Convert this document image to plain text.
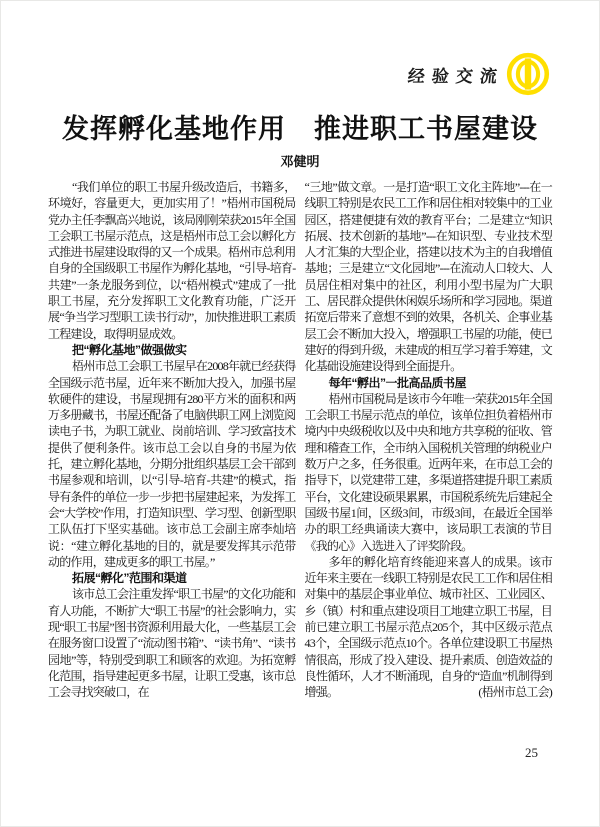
经验交流
发挥孵化基地作用　推进职工书屋建设
邓健明

“我们单位的职工书屋升级改造后，书籍多，环境好，容量更大，更加实用了！”梧州市国税局党办主任李飘高兴地说，该局刚刚荣获2015年全国工会职工书屋示范点，这是梧州市总工会以孵化方式推进书屋建设取得的又一个成果。梧州市总利用自身的全国级职工书屋作为孵化基地，“引导-培育-共建”一条龙服务到位，以“梧州模式”建成了一批职工书屋，充分发挥职工文化教育功能，广泛开展“争当学习型职工读书行动”，加快推进职工素质工程建设，取得明显成效。

把“孵化基地”做强做实

梧州市总工会职工书屋早在2008年就已经获得全国级示范书屋，近年来不断加大投入，加强书屋软硬件的建设，书屋现拥有280平方米的面积和两万多册藏书，书屋还配备了电脑供职工网上浏览阅读电子书，为职工就业、岗前培训、学习致富技术提供了便利条件。该市总工会以自身的书屋为依托，建立孵化基地，分期分批组织基层工会干部到书屋参观和培训，以“引导-培育-共建”的模式，指导有条件的单位一步一步把书屋建起来，为发挥工会“大学校”作用，打造知识型、学习型、创新型职工队伍打下坚实基础。该市总工会副主席李灿培说：“建立孵化基地的目的，就是要发挥其示范带动的作用，建成更多的职工书屋。”

拓展“孵化”范围和渠道

该市总工会注重发挥“职工书屋”的文化功能和育人功能，不断扩大“职工书屋”的社会影响力，实现“职工书屋”图书资源利用最大化，一些基层工会在服务窗口设置了“流动图书箱”、“读书角”、“读书园地”等，特别受到职工和顾客的欢迎。为拓宽孵化范围，指导建起更多书屋，让职工受惠，该市总工会寻找突破口，在

“三地”做文章。一是打造“职工文化主阵地”---在一线职工特别是农民工工作和居住相对较集中的工业园区，搭建便捷有效的教育平台；二是建立“知识拓展、技术创新的基地”---在知识型、专业技术型人才汇集的大型企业，搭建以技术为主的自我增值基地；三是建立“文化园地”---在流动人口较大、人员居住相对集中的社区，利用小型书屋为广大职工、居民群众提供休闲娱乐场所和学习园地。渠道拓宽后带来了意想不到的效果，各机关、企事业基层工会不断加大投入，增强职工书屋的功能，使已建好的得到升级，未建成的相互学习着手筹建，文化基础设施建设得到全面提升。

每年“孵出”一批高品质书屋

梧州市国税局是该市今年唯一荣获2015年全国工会职工书屋示范点的单位，该单位担负着梧州市境内中央级税收以及中央和地方共享税的征收、管理和稽查工作，全市纳入国税机关管理的纳税业户数万户之多，任务很重。近两年来，在市总工会的指导下，以党建带工建，多渠道搭建提升职工素质平台，文化建设硕果累累，市国税系统先后建起全国级书屋1间，区级3间，市级3间，在最近全国举办的职工经典诵读大赛中，该局职工表演的节目《我的心》入选进入了评奖阶段。

多年的孵化培育终能迎来喜人的成果。该市近年来主要在一线职工特别是农民工工作和居住相对集中的基层企事业单位、城市社区、工业园区、乡（镇）村和重点建设项目工地建立职工书屋，目前已建立职工书屋示范点205个，其中区级示范点43个，全国级示范点10个。各单位建设职工书屋热情很高，形成了投入建设、提升素质、创造效益的良性循环，人才不断涌现，自身的“造血”机制得到增强。	(梧州市总工会)

25
